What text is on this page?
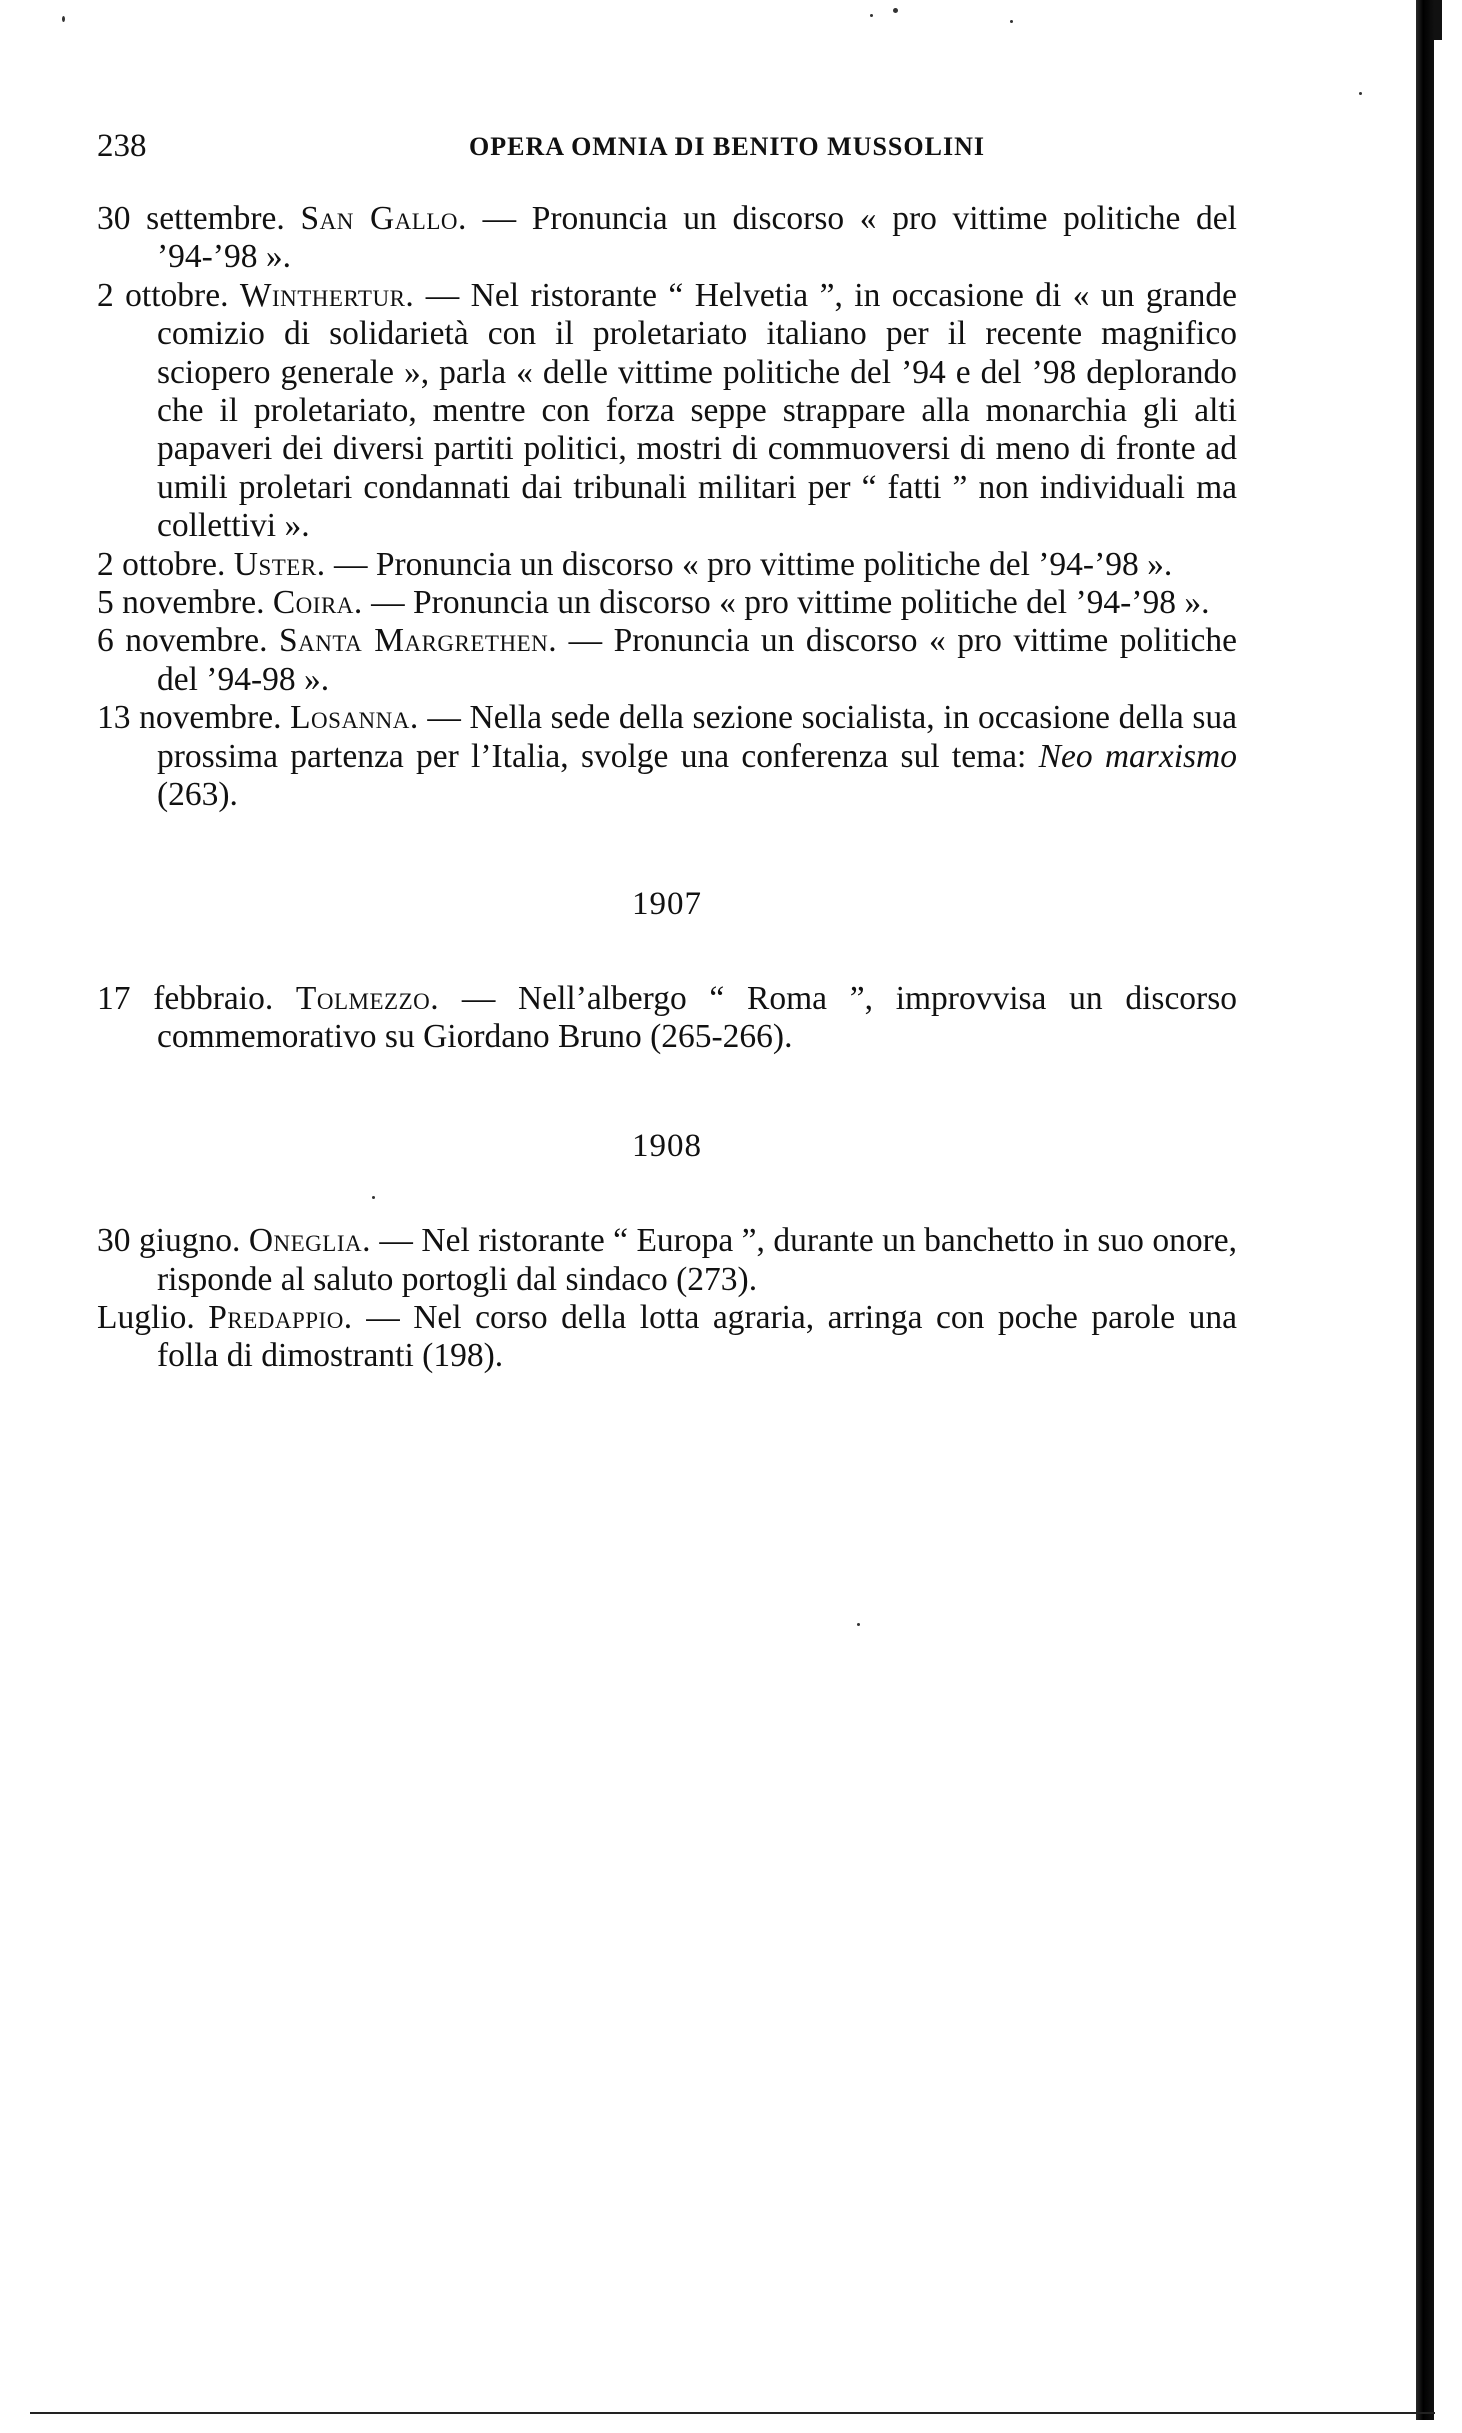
238	OPERA OMNIA DI BENITO MUSSOLINI

30 settembre. San Gallo. — Pronuncia un discorso « pro vittime politiche del ’94-’98 ».

2 ottobre. Winthertur. — Nel ristorante “ Helvetia ”, in occasione di « un grande comizio di solidarietà con il proletariato italiano per il recente magnifico sciopero generale », parla « delle vittime politiche del ’94 e del ’98 deplorando che il proletariato, mentre con forza seppe strappare alla monarchia gli alti papaveri dei diversi partiti politici, mostri di commuoversi di meno di fronte ad umili proletari condannati dai tribunali militari per “ fatti ” non individuali ma collettivi ».

2 ottobre. Uster. — Pronuncia un discorso « pro vittime politiche del ’94-’98 ».

5 novembre. Coira. — Pronuncia un discorso « pro vittime politiche del ’94-’98 ».

6 novembre. Santa Margrethen. — Pronuncia un discorso « pro vittime politiche del ’94-98 ».

13 novembre. Losanna. — Nella sede della sezione socialista, in occasione della sua prossima partenza per l’Italia, svolge una conferenza sul tema: Neo marxismo (263).

1907

17 febbraio. Tolmezzo. — Nell’albergo “ Roma ”, improvvisa un discorso commemorativo su Giordano Bruno (265-266).

1908

30 giugno. Oneglia. — Nel ristorante “ Europa ”, durante un banchetto in suo onore, risponde al saluto portogli dal sindaco (273).

Luglio. Predappio. — Nel corso della lotta agraria, arringa con poche parole una folla di dimostranti (198).
